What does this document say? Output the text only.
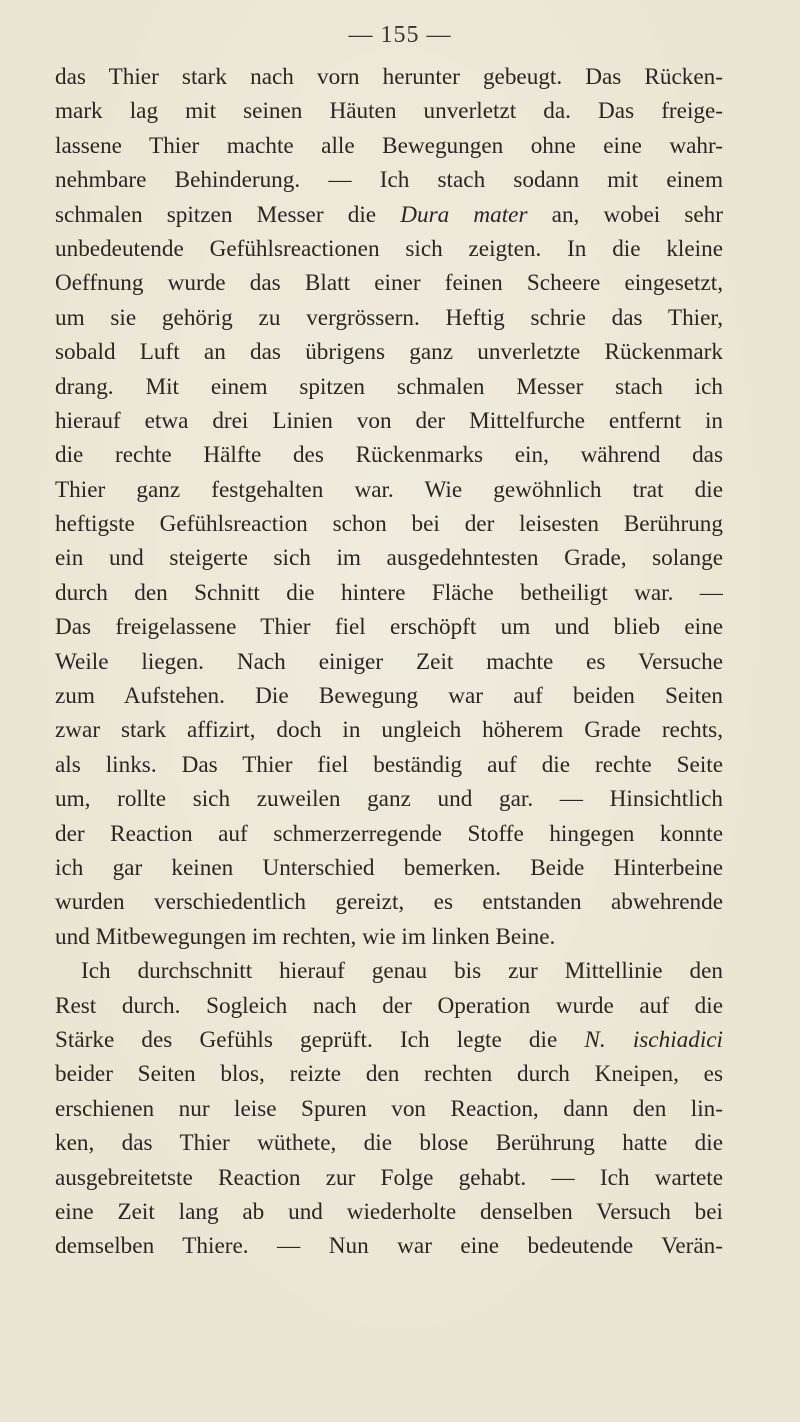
— 155 —
das Thier stark nach vorn herunter gebeugt. Das Rücken-
mark lag mit seinen Häuten unverletzt da. Das freige-
lassene Thier machte alle Bewegungen ohne eine wahr-
nehmbare Behinderung. — Ich stach sodann mit einem
schmalen spitzen Messer die Dura mater an, wobei sehr
unbedeutende Gefühlsreactionen sich zeigten. In die kleine
Oeffnung wurde das Blatt einer feinen Scheere eingesetzt,
um sie gehörig zu vergrössern. Heftig schrie das Thier,
sobald Luft an das übrigens ganz unverletzte Rückenmark
drang. Mit einem spitzen schmalen Messer stach ich
hierauf etwa drei Linien von der Mittelfurche entfernt in
die rechte Hälfte des Rückenmarks ein, während das
Thier ganz festgehalten war. Wie gewöhnlich trat die
heftigste Gefühlsreaction schon bei der leisesten Berührung
ein und steigerte sich im ausgedehntesten Grade, solange
durch den Schnitt die hintere Fläche betheiligt war. —
Das freigelassene Thier fiel erschöpft um und blieb eine
Weile liegen. Nach einiger Zeit machte es Versuche
zum Aufstehen. Die Bewegung war auf beiden Seiten
zwar stark affizirt, doch in ungleich höherem Grade rechts,
als links. Das Thier fiel beständig auf die rechte Seite
um, rollte sich zuweilen ganz und gar. — Hinsichtlich
der Reaction auf schmerzerregende Stoffe hingegen konnte
ich gar keinen Unterschied bemerken. Beide Hinterbeine
wurden verschiedentlich gereizt, es entstanden abwehrende
und Mitbewegungen im rechten, wie im linken Beine.
Ich durchschnitt hierauf genau bis zur Mittellinie den
Rest durch. Sogleich nach der Operation wurde auf die
Stärke des Gefühls geprüft. Ich legte die N. ischiadici
beider Seiten blos, reizte den rechten durch Kneipen, es
erschienen nur leise Spuren von Reaction, dann den lin-
ken, das Thier wüthete, die blose Berührung hatte die
ausgebreitetste Reaction zur Folge gehabt. — Ich wartete
eine Zeit lang ab und wiederholte denselben Versuch bei
demselben Thiere. — Nun war eine bedeutende Verän-
